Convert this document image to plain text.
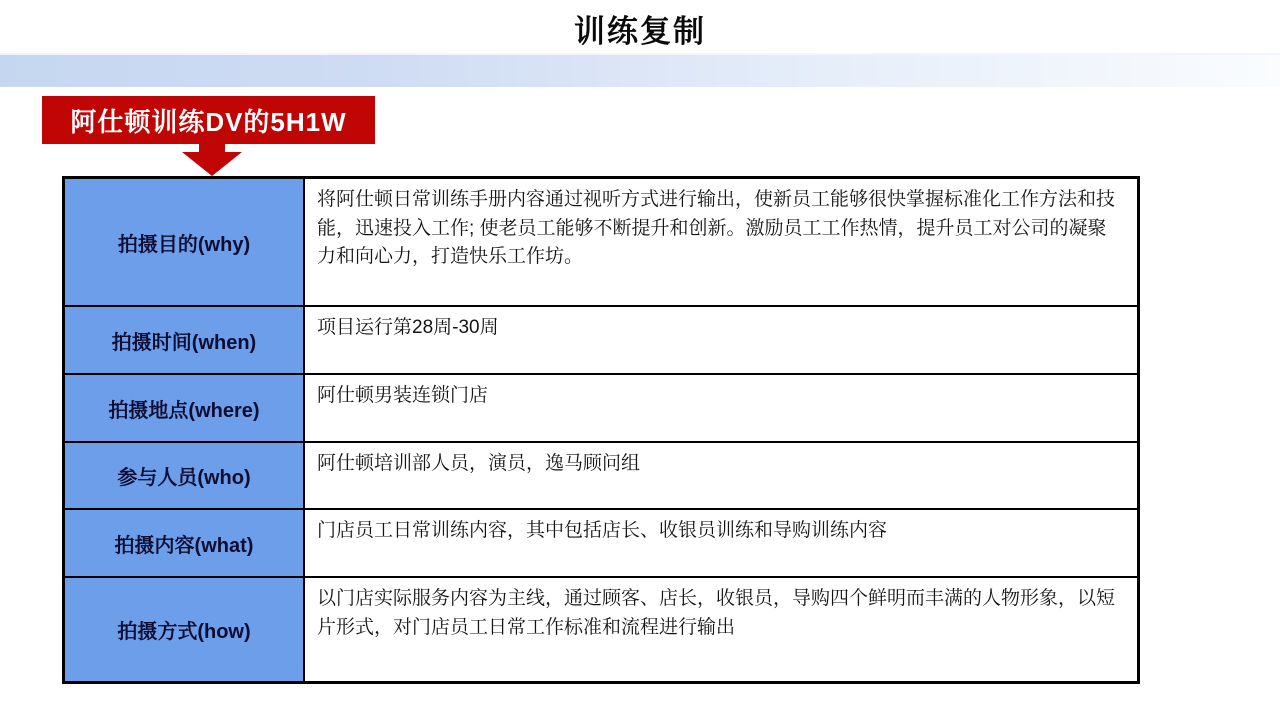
训练复制
阿仕顿训练DV的5H1W
拍摄目的(why)
将阿仕顿日常训练手册内容通过视听方式进行输出，使新员工能够很快掌握标准化工作方法和技能，迅速投入工作; 使老员工能够不断提升和创新。激励员工工作热情，提升员工对公司的凝聚力和向心力，打造快乐工作坊。
拍摄时间(when)
项目运行第28周-30周
拍摄地点(where)
阿仕顿男装连锁门店
参与人员(who)
阿仕顿培训部人员，演员，逸马顾问组
拍摄内容(what)
门店员工日常训练内容，其中包括店长、收银员训练和导购训练内容
拍摄方式(how)
以门店实际服务内容为主线，通过顾客、店长，收银员，导购四个鲜明而丰满的人物形象，以短片形式，对门店员工日常工作标准和流程进行输出
